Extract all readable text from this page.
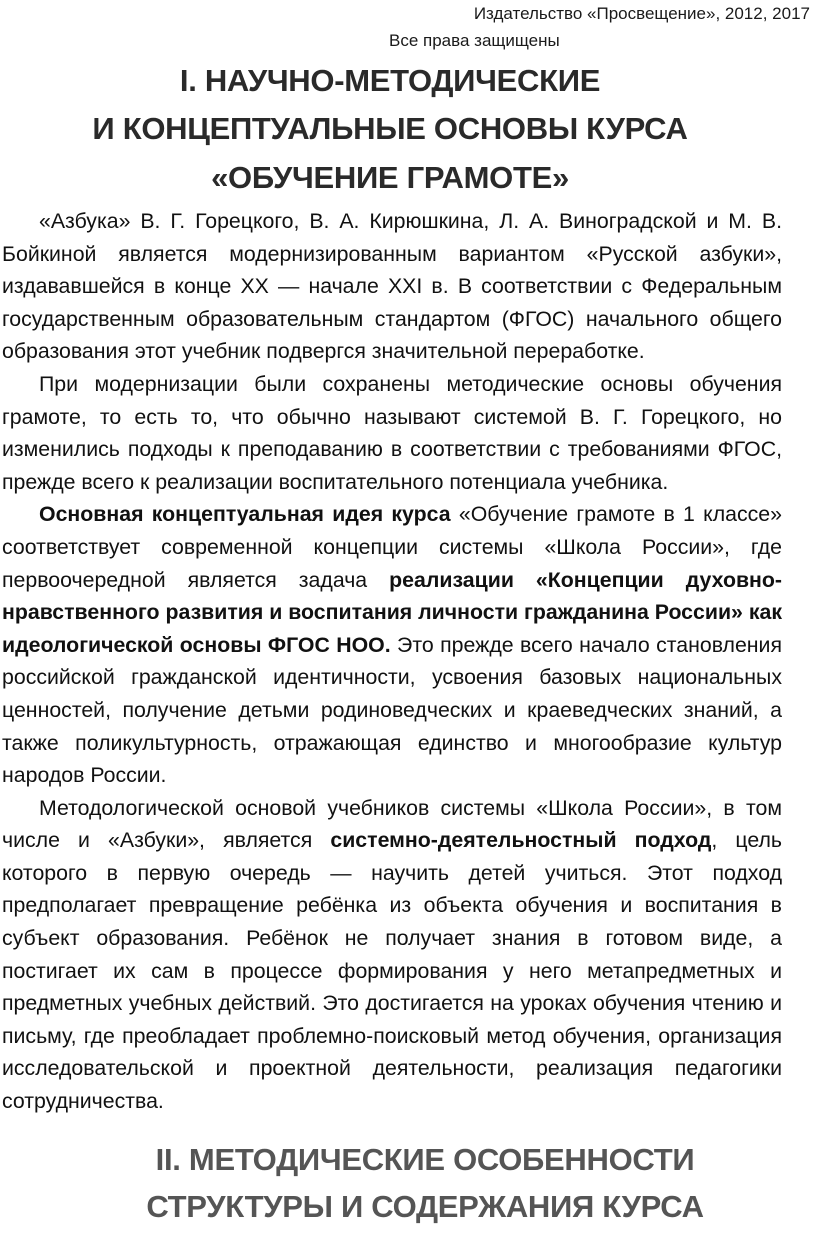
Издательство «Просвещение», 2012, 2017
Все права защищены
I. НАУЧНО-МЕТОДИЧЕСКИЕ
И КОНЦЕПТУАЛЬНЫЕ ОСНОВЫ КУРСА
«ОБУЧЕНИЕ ГРАМОТЕ»

«Азбука» В. Г. Горецкого, В. А. Кирюшкина, Л. А. Виноградской и М. В. Бойкиной является модернизированным вариантом «Русской азбуки», издававшейся в конце XX — начале XXI в. В соответствии с Федеральным государственным образовательным стандартом (ФГОС) начального общего образования этот учебник подвергся значительной переработке.

При модернизации были сохранены методические основы обучения грамоте, то есть то, что обычно называют системой В. Г. Горецкого, но изменились подходы к преподаванию в соответствии с требованиями ФГОС, прежде всего к реализации воспитательного потенциала учебника.

Основная концептуальная идея курса «Обучение грамоте в 1 классе» соответствует современной концепции системы «Школа России», где первоочередной является задача реализации «Концепции духовно-нравственного развития и воспитания личности гражданина России» как идеологической основы ФГОС НОО. Это прежде всего начало становления российской гражданской идентичности, усвоения базовых национальных ценностей, получение детьми родиноведческих и краеведческих знаний, а также поликультурность, отражающая единство и многообразие культур народов России.

Методологической основой учебников системы «Школа России», в том числе и «Азбуки», является системно-деятельностный подход, цель которого в первую очередь — научить детей учиться. Этот подход предполагает превращение ребёнка из объекта обучения и воспитания в субъект образования. Ребёнок не получает знания в готовом виде, а постигает их сам в процессе формирования у него метапредметных и предметных учебных действий. Это достигается на уроках обучения чтению и письму, где преобладает проблемно-поисковый метод обучения, организация исследовательской и проектной деятельности, реализация педагогики сотрудничества.

II. МЕТОДИЧЕСКИЕ ОСОБЕННОСТИ
СТРУКТУРЫ И СОДЕРЖАНИЯ КУРСА
